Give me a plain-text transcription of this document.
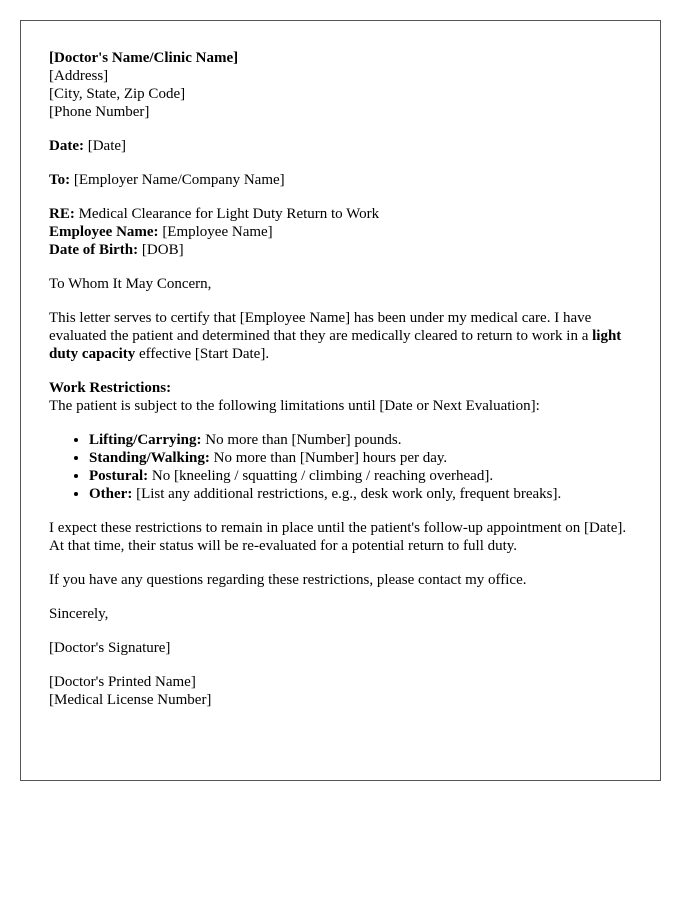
[Doctor's Name/Clinic Name]
[Address]
[City, State, Zip Code]
[Phone Number]

Date: [Date]

To: [Employer Name/Company Name]

RE: Medical Clearance for Light Duty Return to Work
Employee Name: [Employee Name]
Date of Birth: [DOB]

To Whom It May Concern,

This letter serves to certify that [Employee Name] has been under my medical care. I have evaluated the patient and determined that they are medically cleared to return to work in a light duty capacity effective [Start Date].

Work Restrictions:
The patient is subject to the following limitations until [Date or Next Evaluation]:
• Lifting/Carrying: No more than [Number] pounds.
• Standing/Walking: No more than [Number] hours per day.
• Postural: No [kneeling / squatting / climbing / reaching overhead].
• Other: [List any additional restrictions, e.g., desk work only, frequent breaks].

I expect these restrictions to remain in place until the patient's follow-up appointment on [Date]. At that time, their status will be re-evaluated for a potential return to full duty.

If you have any questions regarding these restrictions, please contact my office.

Sincerely,

[Doctor's Signature]

[Doctor's Printed Name]
[Medical License Number]
